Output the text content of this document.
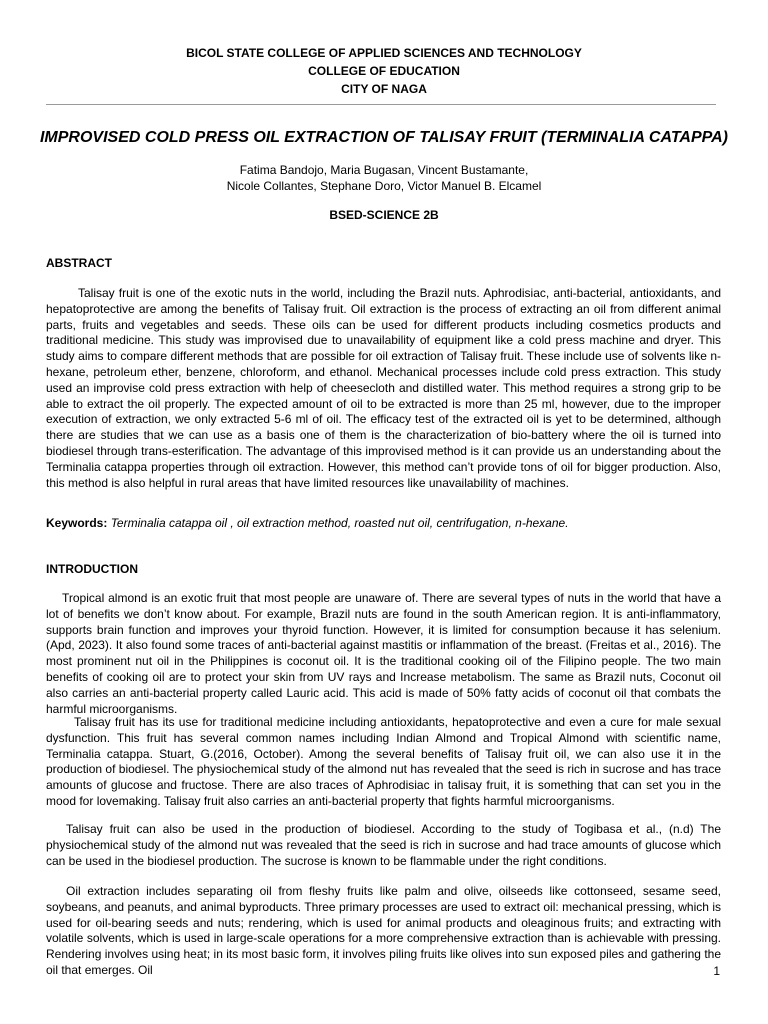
BICOL STATE COLLEGE OF APPLIED SCIENCES AND TECHNOLOGY
COLLEGE OF EDUCATION
CITY OF NAGA
IMPROVISED COLD PRESS OIL EXTRACTION OF TALISAY FRUIT (TERMINALIA CATAPPA)
Fatima Bandojo, Maria Bugasan, Vincent Bustamante,
Nicole Collantes, Stephane Doro, Victor Manuel B. Elcamel
BSED-SCIENCE 2B
ABSTRACT

Talisay fruit is one of the exotic nuts in the world, including the Brazil nuts. Aphrodisiac, anti-bacterial, antioxidants, and hepatoprotective are among the benefits of Talisay fruit. Oil extraction is the process of extracting an oil from different animal parts, fruits and vegetables and seeds. These oils can be used for different products including cosmetics products and traditional medicine. This study was improvised due to unavailability of equipment like a cold press machine and dryer. This study aims to compare different methods that are possible for oil extraction of Talisay fruit. These include use of solvents like n-hexane, petroleum ether, benzene, chloroform, and ethanol. Mechanical processes include cold press extraction. This study used an improvise cold press extraction with help of cheesecloth and distilled water. This method requires a strong grip to be able to extract the oil properly. The expected amount of oil to be extracted is more than 25 ml, however, due to the improper execution of extraction, we only extracted 5-6 ml of oil. The efficacy test of the extracted oil is yet to be determined, although there are studies that we can use as a basis one of them is the characterization of bio-battery where the oil is turned into biodiesel through trans-esterification. The advantage of this improvised method is it can provide us an understanding about the Terminalia catappa properties through oil extraction. However, this method can’t provide tons of oil for bigger production. Also, this method is also helpful in rural areas that have limited resources like unavailability of machines.

Keywords: Terminalia catappa oil , oil extraction method, roasted nut oil, centrifugation, n-hexane.
INTRODUCTION

Tropical almond is an exotic fruit that most people are unaware of. There are several types of nuts in the world that have a lot of benefits we don’t know about. For example, Brazil nuts are found in the south American region. It is anti-inflammatory, supports brain function and improves your thyroid function. However, it is limited for consumption because it has selenium. (Apd, 2023). It also found some traces of anti-bacterial against mastitis or inflammation of the breast. (Freitas et al., 2016). The most prominent nut oil in the Philippines is coconut oil. It is the traditional cooking oil of the Filipino people. The two main benefits of cooking oil are to protect your skin from UV rays and Increase metabolism. The same as Brazil nuts, Coconut oil also carries an anti-bacterial property called Lauric acid. This acid is made of 50% fatty acids of coconut oil that combats the harmful microorganisms.

Talisay fruit has its use for traditional medicine including antioxidants, hepatoprotective and even a cure for male sexual dysfunction. This fruit has several common names including Indian Almond and Tropical Almond with scientific name, Terminalia catappa. Stuart, G.(2016, October). Among the several benefits of Talisay fruit oil, we can also use it in the production of biodiesel. The physiochemical study of the almond nut has revealed that the seed is rich in sucrose and has trace amounts of glucose and fructose. There are also traces of Aphrodisiac in talisay fruit, it is something that can set you in the mood for lovemaking. Talisay fruit also carries an anti-bacterial property that fights harmful microorganisms.

Talisay fruit can also be used in the production of biodiesel. According to the study of Togibasa et al., (n.d) The physiochemical study of the almond nut was revealed that the seed is rich in sucrose and had trace amounts of glucose which can be used in the biodiesel production. The sucrose is known to be flammable under the right conditions.

Oil extraction includes separating oil from fleshy fruits like palm and olive, oilseeds like cottonseed, sesame seed, soybeans, and peanuts, and animal byproducts. Three primary processes are used to extract oil: mechanical pressing, which is used for oil-bearing seeds and nuts; rendering, which is used for animal products and oleaginous fruits; and extracting with volatile solvents, which is used in large-scale operations for a more comprehensive extraction than is achievable with pressing. Rendering involves using heat; in its most basic form, it involves piling fruits like olives into sun exposed piles and gathering the oil that emerges. Oil	1
